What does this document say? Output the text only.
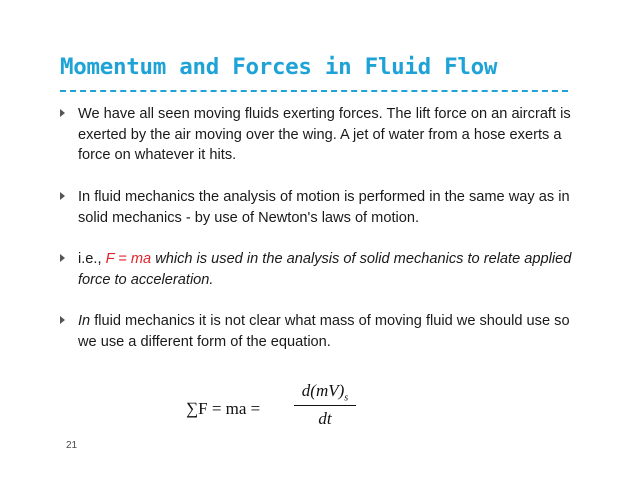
Momentum and Forces in Fluid Flow
We have all seen moving fluids exerting forces. The lift force on an aircraft is exerted by the air moving over the wing. A jet of water from a hose exerts a force on whatever it hits.
In fluid mechanics the analysis of motion is performed in the same way as in solid mechanics - by use of Newton's laws of motion.
i.e., F = ma which is used in the analysis of solid mechanics to relate applied force to acceleration.
In fluid mechanics it is not clear what mass of moving fluid we should use so we use a different form of the equation.
∑F = ma =
$d(mV)_s$
dt
21
